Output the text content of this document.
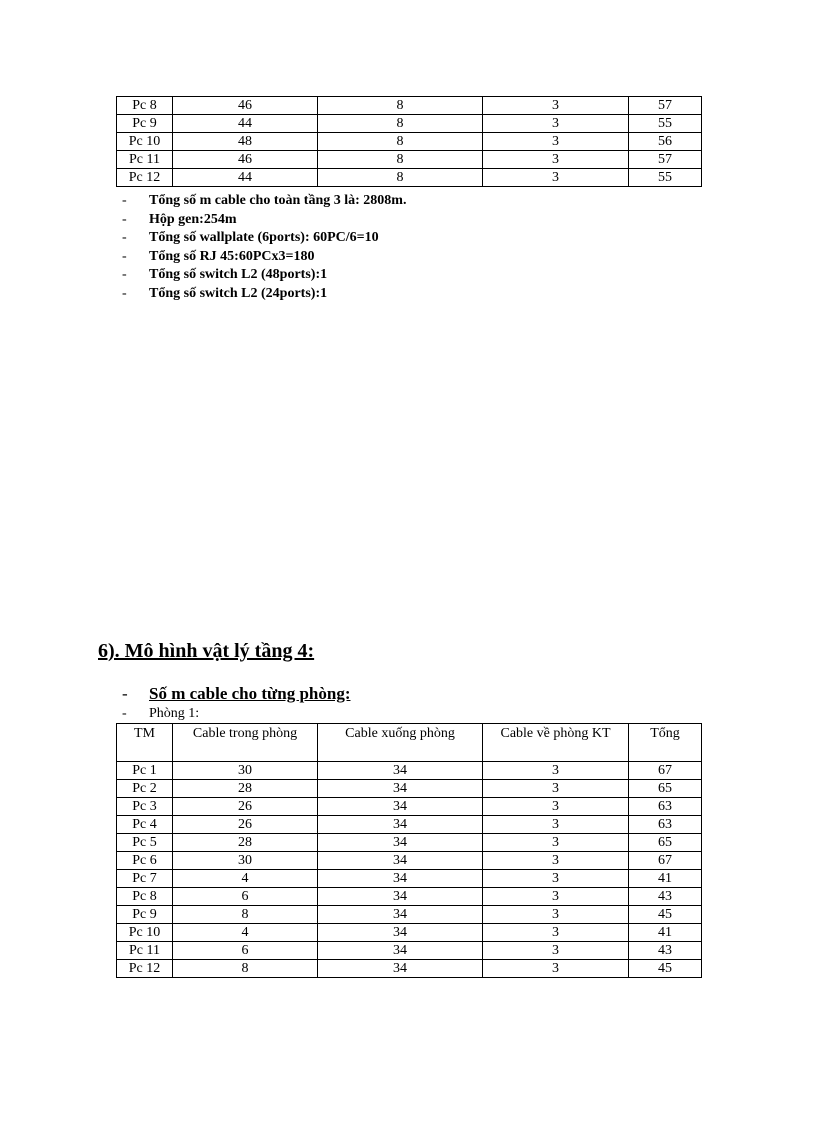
Pc 8	46	8	3	57
Pc 9	44	8	3	55
Pc 10	48	8	3	56
Pc 11	46	8	3	57
Pc 12	44	8	3	55
- Tổng số m cable cho toàn tầng 3 là: 2808m.
- Hộp gen:254m
- Tổng số wallplate (6ports): 60PC/6=10
- Tổng số RJ 45:60PCx3=180
- Tổng số switch L2 (48ports):1
- Tổng số switch L2 (24ports):1
6). Mô hình vật lý tầng 4:
- Số m cable cho từng phòng:
- Phòng 1:
TM	Cable trong phòng	Cable xuống phòng	Cable về phòng KT	Tổng
Pc 1	30	34	3	67
Pc 2	28	34	3	65
Pc 3	26	34	3	63
Pc 4	26	34	3	63
Pc 5	28	34	3	65
Pc 6	30	34	3	67
Pc 7	4	34	3	41
Pc 8	6	34	3	43
Pc 9	8	34	3	45
Pc 10	4	34	3	41
Pc 11	6	34	3	43
Pc 12	8	34	3	45
